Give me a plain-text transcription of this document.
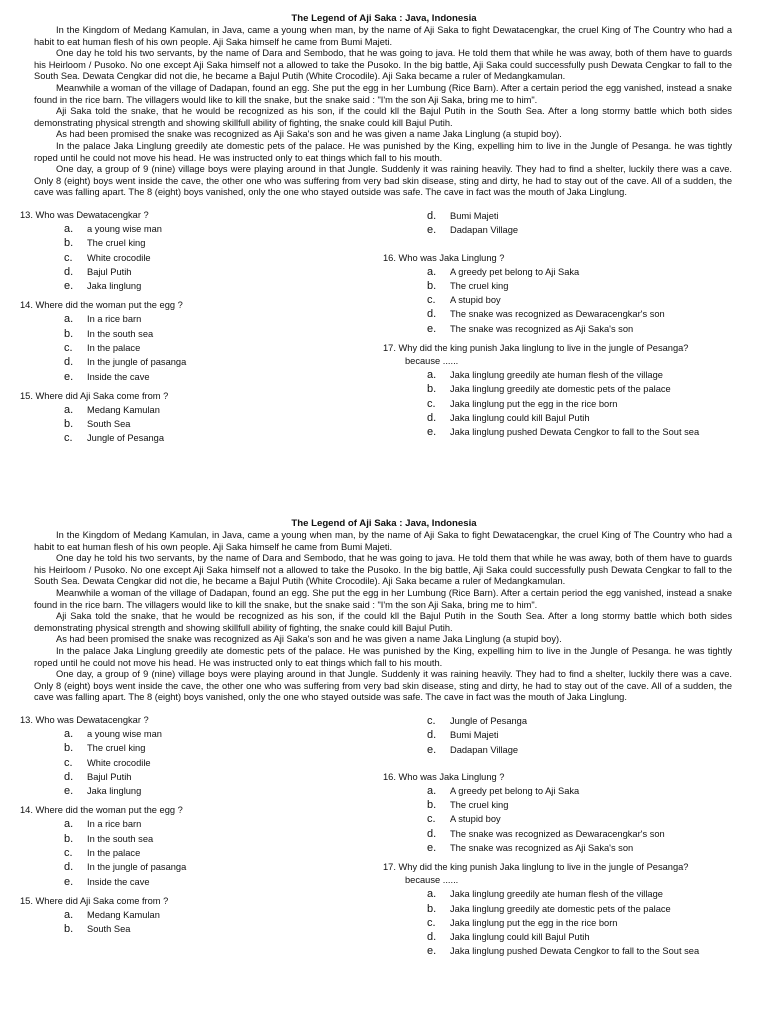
The Legend of Aji Saka : Java, Indonesia

In the Kingdom of Medang Kamulan, in Java, came a young when man, by the name of Aji Saka to fight Dewatacengkar, the cruel King of The Country who had a habit to eat human flesh of his own people. Aji Saka himself he came from Bumi Majeti.

One day he told his two servants, by the name of Dara and Sembodo, that he was going to java. He told them that while he was away, both of them have to guards his Heirloom / Pusoko. No one except Aji Saka himself not a allowed to take the Pusoko. In the big battle, Aji Saka could successfully push Dewata Cengkar to fall to the South Sea. Dewata Cengkar did not die, he became a Bajul Putih (White Crocodile). Aji Saka became a ruler of Medangkamulan.

Meanwhile a woman of the village of Dadapan, found an egg. She put the egg in her Lumbung (Rice Barn). After a certain period the egg vanished, instead a snake found in the rice barn. The villagers would like to kill the snake, but the snake said : "I'm the son Aji Saka, bring me to him".

Aji Saka told the snake, that he would be recognized as his son, if the could kll the Bajul Putih in the South Sea. After a long stormy battle which both sides demonstrating physical strength and showing skillfull ability of fighting, the snake could kill Bajul Putih.

As had been promised the snake was recognized as Aji Saka's son and he was given a name Jaka Linglung (a stupid boy).

In the palace Jaka Linglung greedily ate domestic pets of the palace. He was punished by the King, expelling him to live in the Jungle of Pesanga. he was tightly roped until he could not move his head. He was instructed only to eat things which fall to his mouth.

One day, a group of 9 (nine) village boys were playing around in that Jungle. Suddenly it was raining heavily. They had to find a shelter, luckily there was a cave. Only 8 (eight) boys went inside the cave, the other one who was suffering from very bad skin disease, sting and dirty, he had to stay out of the cave. All of a sudden, the cave was falling apart. The 8 (eight) boys vanished, only the one who stayed outside was safe. The cave in fact was the mouth of Jaka Linglung.

13. Who was Dewatacengkar ?

a.	a young wise man
b.	The cruel king
c.	White crocodile
d.	Bajul Putih
e.	Jaka linglung

14. Where did the woman put the egg ?

a.	In a rice barn
b.	In the south sea
c.	In the palace
d.	In the jungle of pasanga
e.	Inside the cave

15. Where did Aji Saka come from ?

a.	Medang Kamulan
b.	South Sea
c.	Jungle of Pesanga
d.	Bumi Majeti
e.	Dadapan Village

16. Who was Jaka Linglung ?

a.	A greedy pet belong to Aji Saka
b.	The cruel king
c.	A stupid boy
d.	The snake was recognized as Dewaracengkar's son
e.	The snake was recognized as Aji Saka's son

17. Why did the king punish Jaka linglung to live in the jungle of Pesanga?

because ......

a.	Jaka linglung greedily ate human flesh of the village
b.	Jaka linglung greedily ate domestic pets of the palace
c.	Jaka linglung put the egg in the rice born
d.	Jaka linglung could kill Bajul Putih
e.	Jaka linglung pushed Dewata Cengkor to fall to the Sout sea

The Legend of Aji Saka : Java, Indonesia

In the Kingdom of Medang Kamulan, in Java, came a young when man, by the name of Aji Saka to fight Dewatacengkar, the cruel King of The Country who had a habit to eat human flesh of his own people. Aji Saka himself he came from Bumi Majeti.

One day he told his two servants, by the name of Dara and Sembodo, that he was going to java. He told them that while he was away, both of them have to guards his Heirloom / Pusoko. No one except Aji Saka himself not a allowed to take the Pusoko. In the big battle, Aji Saka could successfully push Dewata Cengkar to fall to the South Sea. Dewata Cengkar did not die, he became a Bajul Putih (White Crocodile). Aji Saka became a ruler of Medangkamulan.

Meanwhile a woman of the village of Dadapan, found an egg. She put the egg in her Lumbung (Rice Barn). After a certain period the egg vanished, instead a snake found in the rice barn. The villagers would like to kill the snake, but the snake said : "I'm the son Aji Saka, bring me to him".

Aji Saka told the snake, that he would be recognized as his son, if the could kll the Bajul Putih in the South Sea. After a long stormy battle which both sides demonstrating physical strength and showing skillfull ability of fighting, the snake could kill Bajul Putih.

As had been promised the snake was recognized as Aji Saka's son and he was given a name Jaka Linglung (a stupid boy).

In the palace Jaka Linglung greedily ate domestic pets of the palace. He was punished by the King, expelling him to live in the Jungle of Pesanga. he was tightly roped until he could not move his head. He was instructed only to eat things which fall to his mouth.

One day, a group of 9 (nine) village boys were playing around in that Jungle. Suddenly it was raining heavily. They had to find a shelter, luckily there was a cave. Only 8 (eight) boys went inside the cave, the other one who was suffering from very bad skin disease, sting and dirty, he had to stay out of the cave. All of a sudden, the cave was falling apart. The 8 (eight) boys vanished, only the one who stayed outside was safe. The cave in fact was the mouth of Jaka Linglung.

13. Who was Dewatacengkar ?

a.	a young wise man
b.	The cruel king
c.	White crocodile
d.	Bajul Putih
e.	Jaka linglung

14. Where did the woman put the egg ?

a.	In a rice barn
b.	In the south sea
c.	In the palace
d.	In the jungle of pasanga
e.	Inside the cave

15. Where did Aji Saka come from ?

a.	Medang Kamulan
b.	South Sea
c.	Jungle of Pesanga
d.	Bumi Majeti
e.	Dadapan Village

16. Who was Jaka Linglung ?

a.	A greedy pet belong to Aji Saka
b.	The cruel king
c.	A stupid boy
d.	The snake was recognized as Dewaracengkar's son
e.	The snake was recognized as Aji Saka's son

17. Why did the king punish Jaka linglung to live in the jungle of Pesanga?

because ......

a.	Jaka linglung greedily ate human flesh of the village
b.	Jaka linglung greedily ate domestic pets of the palace
c.	Jaka linglung put the egg in the rice born
d.	Jaka linglung could kill Bajul Putih
e.	Jaka linglung pushed Dewata Cengkor to fall to the Sout sea
